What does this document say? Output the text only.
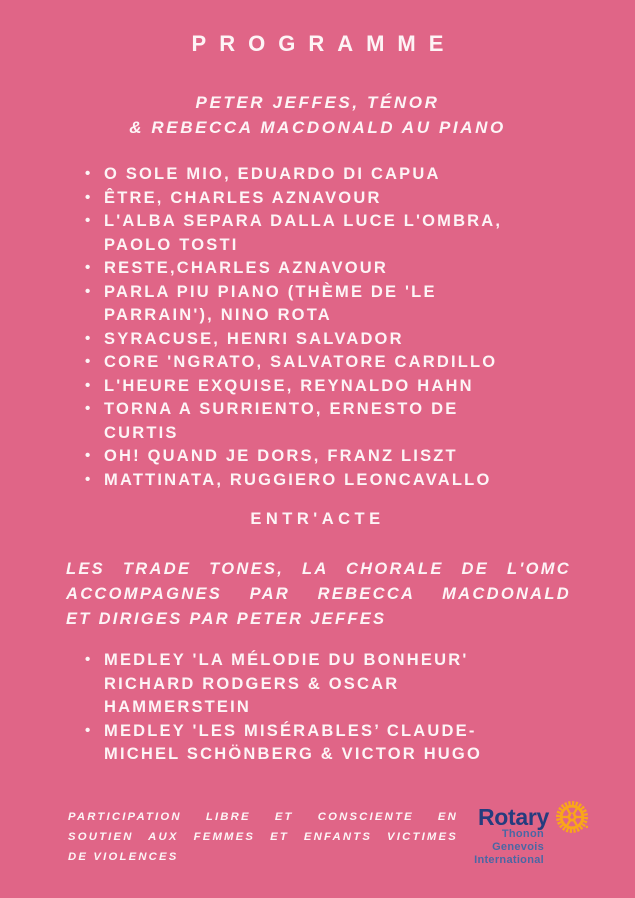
PROGRAMME
PETER JEFFES, TÉNOR
& REBECCA MACDONALD AU PIANO
• O SOLE MIO, EDUARDO DI CAPUA
• ÊTRE, CHARLES AZNAVOUR
• L'ALBA SEPARA DALLA LUCE L'OMBRA,
PAOLO TOSTI
• RESTE,CHARLES AZNAVOUR
• PARLA PIU PIANO (THÈME DE 'LE
PARRAIN'), NINO ROTA
• SYRACUSE, HENRI SALVADOR
• CORE 'NGRATO, SALVATORE CARDILLO
• L'HEURE EXQUISE, REYNALDO HAHN
• TORNA A SURRIENTO, ERNESTO DE
CURTIS
• OH! QUAND JE DORS, FRANZ LISZT
• MATTINATA, RUGGIERO LEONCAVALLO
ENTR'ACTE
LES TRADE TONES, LA CHORALE DE L'OMC
ACCOMPAGNES PAR REBECCA MACDONALD
ET DIRIGES PAR PETER JEFFES
• MEDLEY 'LA MÉLODIE DU BONHEUR'
RICHARD RODGERS & OSCAR
HAMMERSTEIN
• MEDLEY 'LES MISÉRABLES’ CLAUDE-
MICHEL SCHÖNBERG & VICTOR HUGO
PARTICIPATION LIBRE ET CONSCIENTE EN
SOUTIEN AUX FEMMES ET ENFANTS VICTIMES
DE VIOLENCES
Rotary
Thonon Genevois
International
